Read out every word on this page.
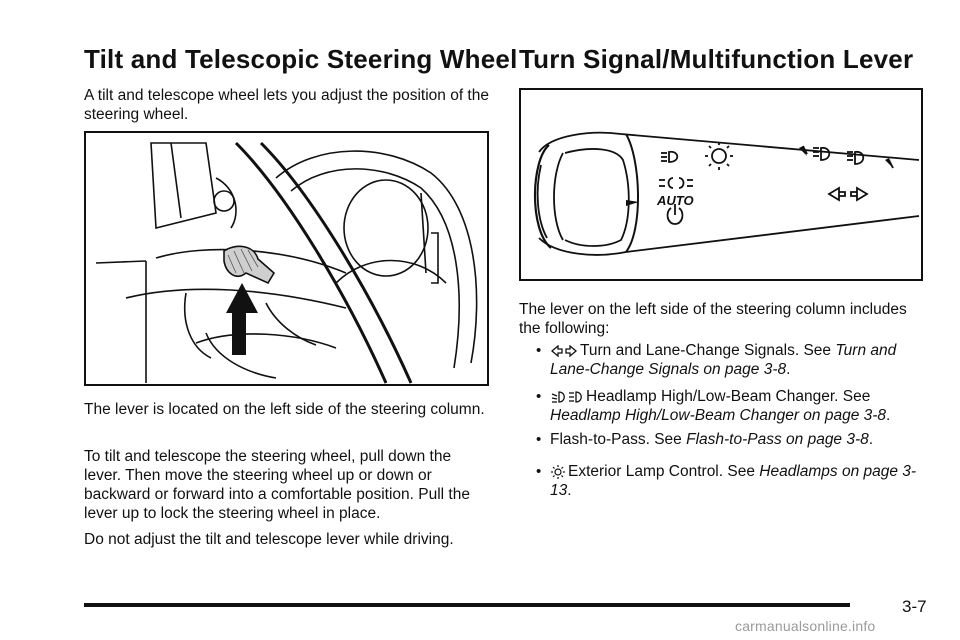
Tilt and Telescopic Steering Wheel

A tilt and telescope wheel lets you adjust the position of the steering wheel.

The lever is located on the left side of the steering column.

To tilt and telescope the steering wheel, pull down the lever. Then move the steering wheel up or down or backward or forward into a comfortable position. Pull the lever up to lock the steering wheel in place.

Do not adjust the tilt and telescope lever while driving.

Turn Signal/Multifunction Lever
AUTO

The lever on the left side of the steering column includes the following:

•	Turn and Lane-Change Signals. See Turn and Lane-Change Signals on page 3-8.
•	Headlamp High/Low-Beam Changer. See Headlamp High/Low-Beam Changer on page 3-8.
• Flash-to-Pass. See Flash-to-Pass on page 3-8.
•	Exterior Lamp Control. See Headlamps on page 3-13.
3-7
carmanualsonline.info
